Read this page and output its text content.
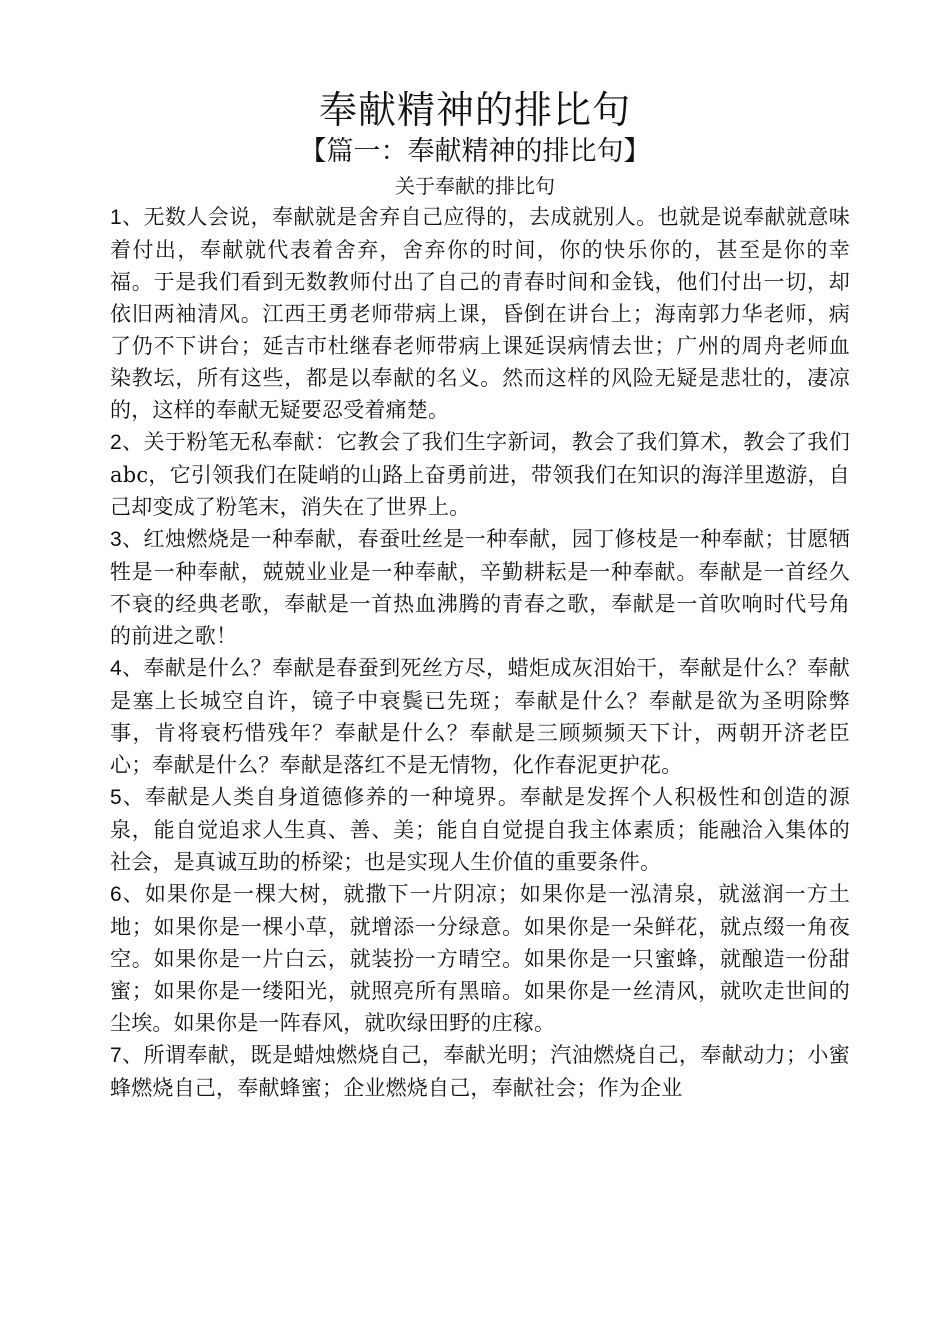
奉献精神的排比句
【篇一：奉献精神的排比句】
关于奉献的排比句

1、无数人会说，奉献就是舍弃自己应得的，去成就别人。也就是说奉献就意味着付出，奉献就代表着舍弃，舍弃你的时间，你的快乐你的，甚至是你的幸福。于是我们看到无数教师付出了自己的青春时间和金钱，他们付出一切，却依旧两袖清风。江西王勇老师带病上课，昏倒在讲台上；海南郭力华老师，病了仍不下讲台；延吉市杜继春老师带病上课延误病情去世；广州的周舟老师血染教坛，所有这些，都是以奉献的名义。然而这样的风险无疑是悲壮的，凄凉的，这样的奉献无疑要忍受着痛楚。

2、关于粉笔无私奉献：它教会了我们生字新词，教会了我们算术，教会了我们abc，它引领我们在陡峭的山路上奋勇前进，带领我们在知识的海洋里遨游，自己却变成了粉笔末，消失在了世界上。

3、红烛燃烧是一种奉献，春蚕吐丝是一种奉献，园丁修枝是一种奉献；甘愿牺牲是一种奉献，兢兢业业是一种奉献，辛勤耕耘是一种奉献。奉献是一首经久不衰的经典老歌，奉献是一首热血沸腾的青春之歌，奉献是一首吹响时代号角的前进之歌！

4、奉献是什么？奉献是春蚕到死丝方尽，蜡炬成灰泪始干，奉献是什么？奉献是塞上长城空自许，镜子中衰鬓已先斑；奉献是什么？奉献是欲为圣明除弊事，肯将衰朽惜残年？奉献是什么？奉献是三顾频频天下计，两朝开济老臣心；奉献是什么？奉献是落红不是无情物，化作春泥更护花。

5、奉献是人类自身道德修养的一种境界。奉献是发挥个人积极性和创造的源泉，能自觉追求人生真、善、美；能自自觉提自我主体素质；能融洽入集体的社会，是真诚互助的桥梁；也是实现人生价值的重要条件。

6、如果你是一棵大树，就撒下一片阴凉；如果你是一泓清泉，就滋润一方土地；如果你是一棵小草，就增添一分绿意。如果你是一朵鲜花，就点缀一角夜空。如果你是一片白云，就装扮一方晴空。如果你是一只蜜蜂，就酿造一份甜蜜；如果你是一缕阳光，就照亮所有黑暗。如果你是一丝清风，就吹走世间的尘埃。如果你是一阵春风，就吹绿田野的庄稼。

7、所谓奉献，既是蜡烛燃烧自己，奉献光明；汽油燃烧自己，奉献动力；小蜜蜂燃烧自己，奉献蜂蜜；企业燃烧自己，奉献社会；作为企业
